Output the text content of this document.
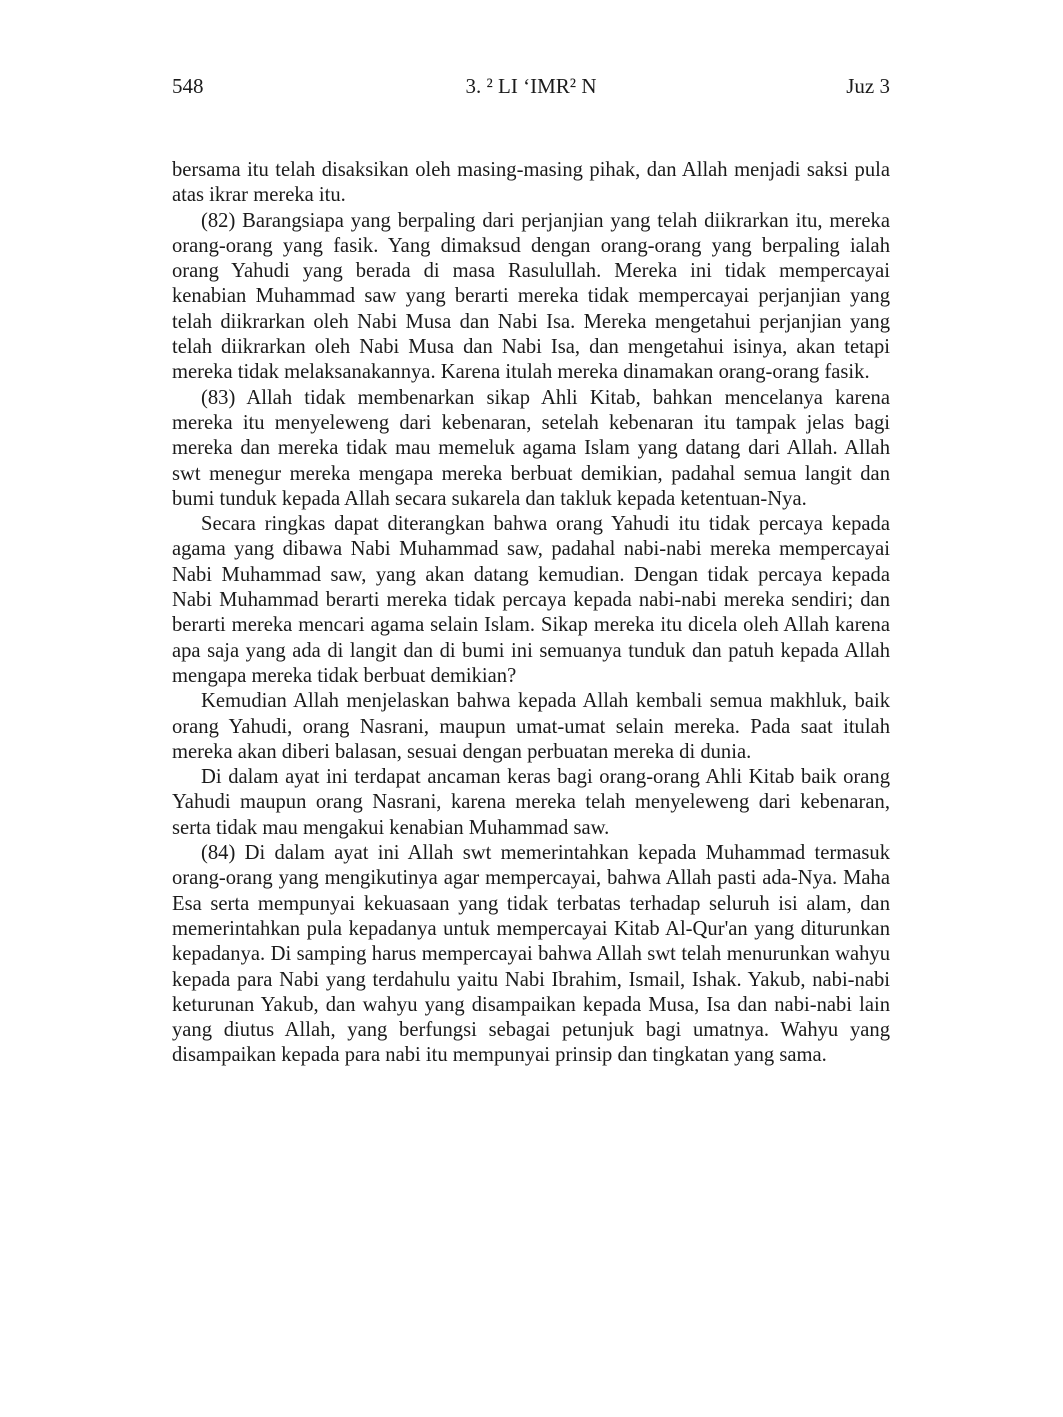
548	3. ² LI ‘IMR² N	Juz 3

bersama itu telah disaksikan oleh masing-masing pihak, dan Allah menjadi saksi pula atas ikrar mereka itu.

(82) Barangsiapa yang berpaling dari perjanjian yang telah diikrarkan itu, mereka orang-orang yang fasik. Yang dimaksud dengan orang-orang yang berpaling ialah orang Yahudi yang berada di masa Rasulullah. Mereka ini tidak mempercayai kenabian Muhammad saw yang berarti mereka tidak mempercayai perjanjian yang telah diikrarkan oleh Nabi Musa dan Nabi Isa. Mereka mengetahui perjanjian yang telah diikrarkan oleh Nabi Musa dan Nabi Isa, dan mengetahui isinya, akan tetapi mereka tidak melaksanakannya. Karena itulah mereka dinamakan orang-orang fasik.

(83) Allah tidak membenarkan sikap Ahli Kitab, bahkan mencelanya karena mereka itu menyeleweng dari kebenaran, setelah kebenaran itu tampak jelas bagi mereka dan mereka tidak mau memeluk agama Islam yang datang dari Allah. Allah swt menegur mereka mengapa mereka berbuat demikian, padahal semua langit dan bumi tunduk kepada Allah secara sukarela dan takluk kepada ketentuan-Nya.

Secara ringkas dapat diterangkan bahwa orang Yahudi itu tidak percaya kepada agama yang dibawa Nabi Muhammad saw, padahal nabi-nabi mereka mempercayai Nabi Muhammad saw, yang akan datang kemudian. Dengan tidak percaya kepada Nabi Muhammad berarti mereka tidak percaya kepada nabi-nabi mereka sendiri; dan berarti mereka mencari agama selain Islam. Sikap mereka itu dicela oleh Allah karena apa saja yang ada di langit dan di bumi ini semuanya tunduk dan patuh kepada Allah mengapa mereka tidak berbuat demikian?

Kemudian Allah menjelaskan bahwa kepada Allah kembali semua makhluk, baik orang Yahudi, orang Nasrani, maupun umat-umat selain mereka. Pada saat itulah mereka akan diberi balasan, sesuai dengan perbuatan mereka di dunia.

Di dalam ayat ini terdapat ancaman keras bagi orang-orang Ahli Kitab baik orang Yahudi maupun orang Nasrani, karena mereka telah menyeleweng dari kebenaran, serta tidak mau mengakui kenabian Muhammad saw.

(84) Di dalam ayat ini Allah swt memerintahkan kepada Muhammad termasuk orang-orang yang mengikutinya agar mempercayai, bahwa Allah pasti ada-Nya. Maha Esa serta mempunyai kekuasaan yang tidak terbatas terhadap seluruh isi alam, dan memerintahkan pula kepadanya untuk mempercayai Kitab Al-Qur'an yang diturunkan kepadanya. Di samping harus mempercayai bahwa Allah swt telah menurunkan wahyu kepada para Nabi yang terdahulu yaitu Nabi Ibrahim, Ismail, Ishak. Yakub, nabi-nabi keturunan Yakub, dan wahyu yang disampaikan kepada Musa, Isa dan nabi-nabi lain yang diutus Allah, yang berfungsi sebagai petunjuk bagi umatnya. Wahyu yang disampaikan kepada para nabi itu mempunyai prinsip dan tingkatan yang sama.
